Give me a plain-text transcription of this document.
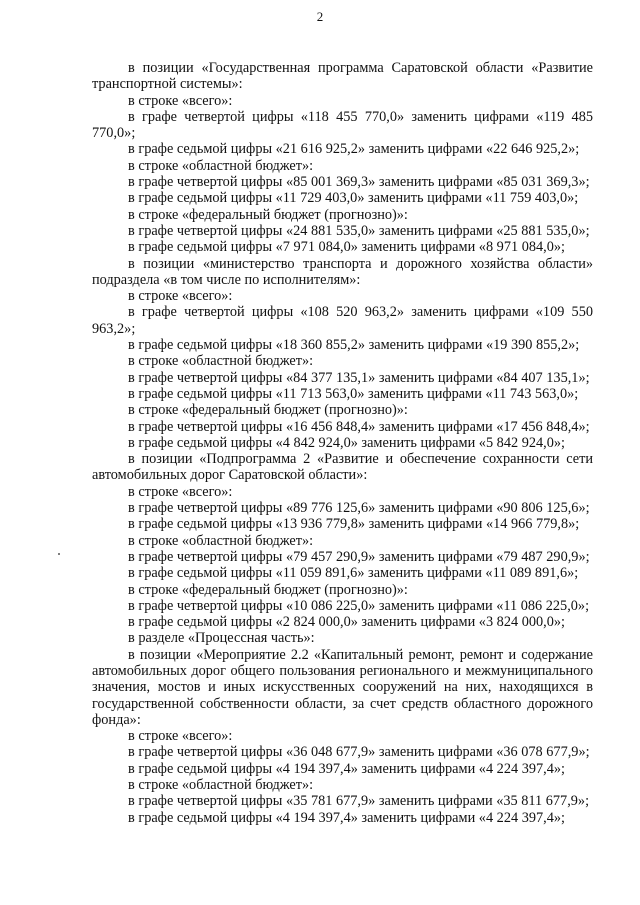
2

в позиции «Государственная программа Саратовской области «Развитие транспортной системы»:

в строке «всего»:

в графе четвертой цифры «118 455 770,0» заменить цифрами «119 485 770,0»;

в графе седьмой цифры «21 616 925,2» заменить цифрами «22 646 925,2»;

в строке «областной бюджет»:

в графе четвертой цифры «85 001 369,3» заменить цифрами «85 031 369,3»;

в графе седьмой цифры «11 729 403,0» заменить цифрами «11 759 403,0»;

в строке «федеральный бюджет (прогнозно)»:

в графе четвертой цифры «24 881 535,0» заменить цифрами «25 881 535,0»;

в графе седьмой цифры «7 971 084,0» заменить цифрами «8 971 084,0»;

в позиции «министерство транспорта и дорожного хозяйства области» подраздела «в том числе по исполнителям»:

в строке «всего»:

в графе четвертой цифры «108 520 963,2» заменить цифрами «109 550 963,2»;

в графе седьмой цифры «18 360 855,2» заменить цифрами «19 390 855,2»;

в строке «областной бюджет»:

в графе четвертой цифры «84 377 135,1» заменить цифрами «84 407 135,1»;

в графе седьмой цифры «11 713 563,0» заменить цифрами «11 743 563,0»;

в строке «федеральный бюджет (прогнозно)»:

в графе четвертой цифры «16 456 848,4» заменить цифрами «17 456 848,4»;

в графе седьмой цифры «4 842 924,0» заменить цифрами «5 842 924,0»;

в позиции «Подпрограмма 2 «Развитие и обеспечение сохранности сети автомобильных дорог Саратовской области»:

в строке «всего»:

в графе четвертой цифры «89 776 125,6» заменить цифрами «90 806 125,6»;

в графе седьмой цифры «13 936 779,8» заменить цифрами «14 966 779,8»;

в строке «областной бюджет»:

в графе четвертой цифры «79 457 290,9» заменить цифрами «79 487 290,9»;

в графе седьмой цифры «11 059 891,6» заменить цифрами «11 089 891,6»;

в строке «федеральный бюджет (прогнозно)»:

в графе четвертой цифры «10 086 225,0» заменить цифрами «11 086 225,0»;

в графе седьмой цифры «2 824 000,0» заменить цифрами «3 824 000,0»;

в разделе «Процессная часть»:

в позиции «Мероприятие 2.2 «Капитальный ремонт, ремонт и содержание автомобильных дорог общего пользования регионального и межмуниципального значения, мостов и иных искусственных сооружений на них, находящихся в государственной собственности области, за счет средств областного дорожного фонда»:

в строке «всего»:

в графе четвертой цифры «36 048 677,9» заменить цифрами «36 078 677,9»;

в графе седьмой цифры «4 194 397,4» заменить цифрами «4 224 397,4»;

в строке «областной бюджет»:

в графе четвертой цифры «35 781 677,9» заменить цифрами «35 811 677,9»;

в графе седьмой цифры «4 194 397,4» заменить цифрами «4 224 397,4»;
